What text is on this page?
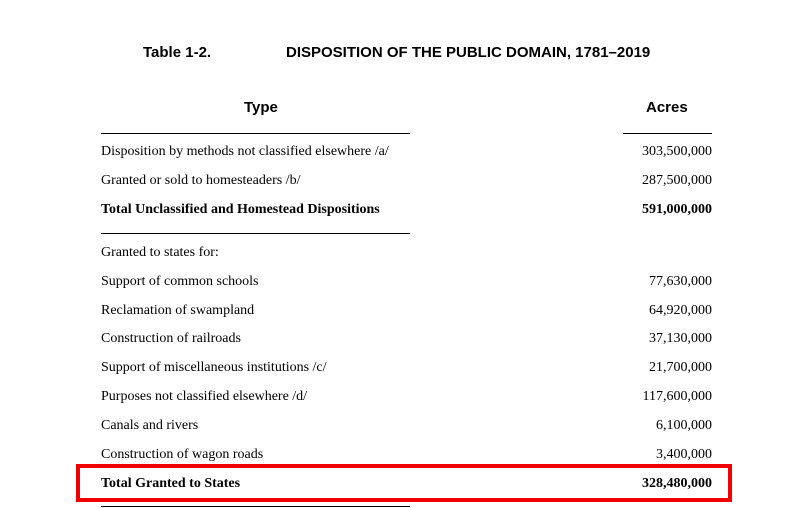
Table 1-2.	DISPOSITION OF THE PUBLIC DOMAIN, 1781–2019
Type	Acres
Disposition by methods not classified elsewhere /a/	303,500,000
Granted or sold to homesteaders /b/	287,500,000
Total Unclassified and Homestead Dispositions	591,000,000
Granted to states for:
Support of common schools	77,630,000
Reclamation of swampland	64,920,000
Construction of railroads	37,130,000
Support of miscellaneous institutions /c/	21,700,000
Purposes not classified elsewhere /d/	117,600,000
Canals and rivers	6,100,000
Construction of wagon roads	3,400,000
Total Granted to States	328,480,000
